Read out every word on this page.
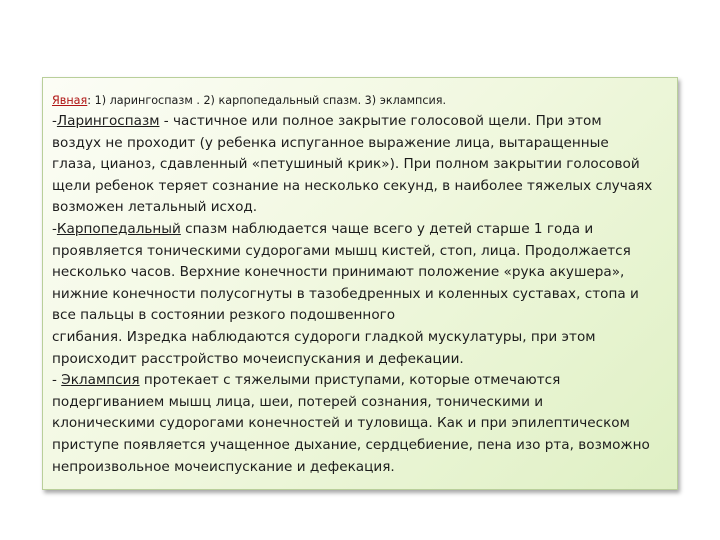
Явная: 1) ларингоспазм . 2) карпопедальный спазм. 3) эклампсия.
-Ларингоспазм - частичное или полное закрытие голосовой щели. При этом
воздух не проходит (у ребенка испуганное выражение лица, вытаращенные
глаза, цианоз, сдавленный «петушиный крик»). При полном закрытии голосовой
щели ребенок теряет сознание на несколько секунд, в наиболее тяжелых случаях
возможен летальный исход.
-Карпопедальный спазм наблюдается чаще всего у детей старше 1 года и
проявляется тоническими судорогами мышц кистей, стоп, лица. Продолжается
несколько часов. Верхние конечности принимают положение «рука акушера»,
нижние конечности полусогнуты в тазобедренных и коленных суставах, стопа и
все пальцы в состоянии резкого подошвенного
сгибания. Изредка наблюдаются судороги гладкой мускулатуры, при этом
происходит расстройство мочеиспускания и дефекации.
- Эклампсия протекает с тяжелыми приступами, которые отмечаются
подергиванием мышц лица, шеи, потерей сознания, тоническими и
клоническими судорогами конечностей и туловища. Как и при эпилептическом
приступе появляется учащенное дыхание, сердцебиение, пена изо рта, возможно
непроизвольное мочеиспускание и дефекация.
